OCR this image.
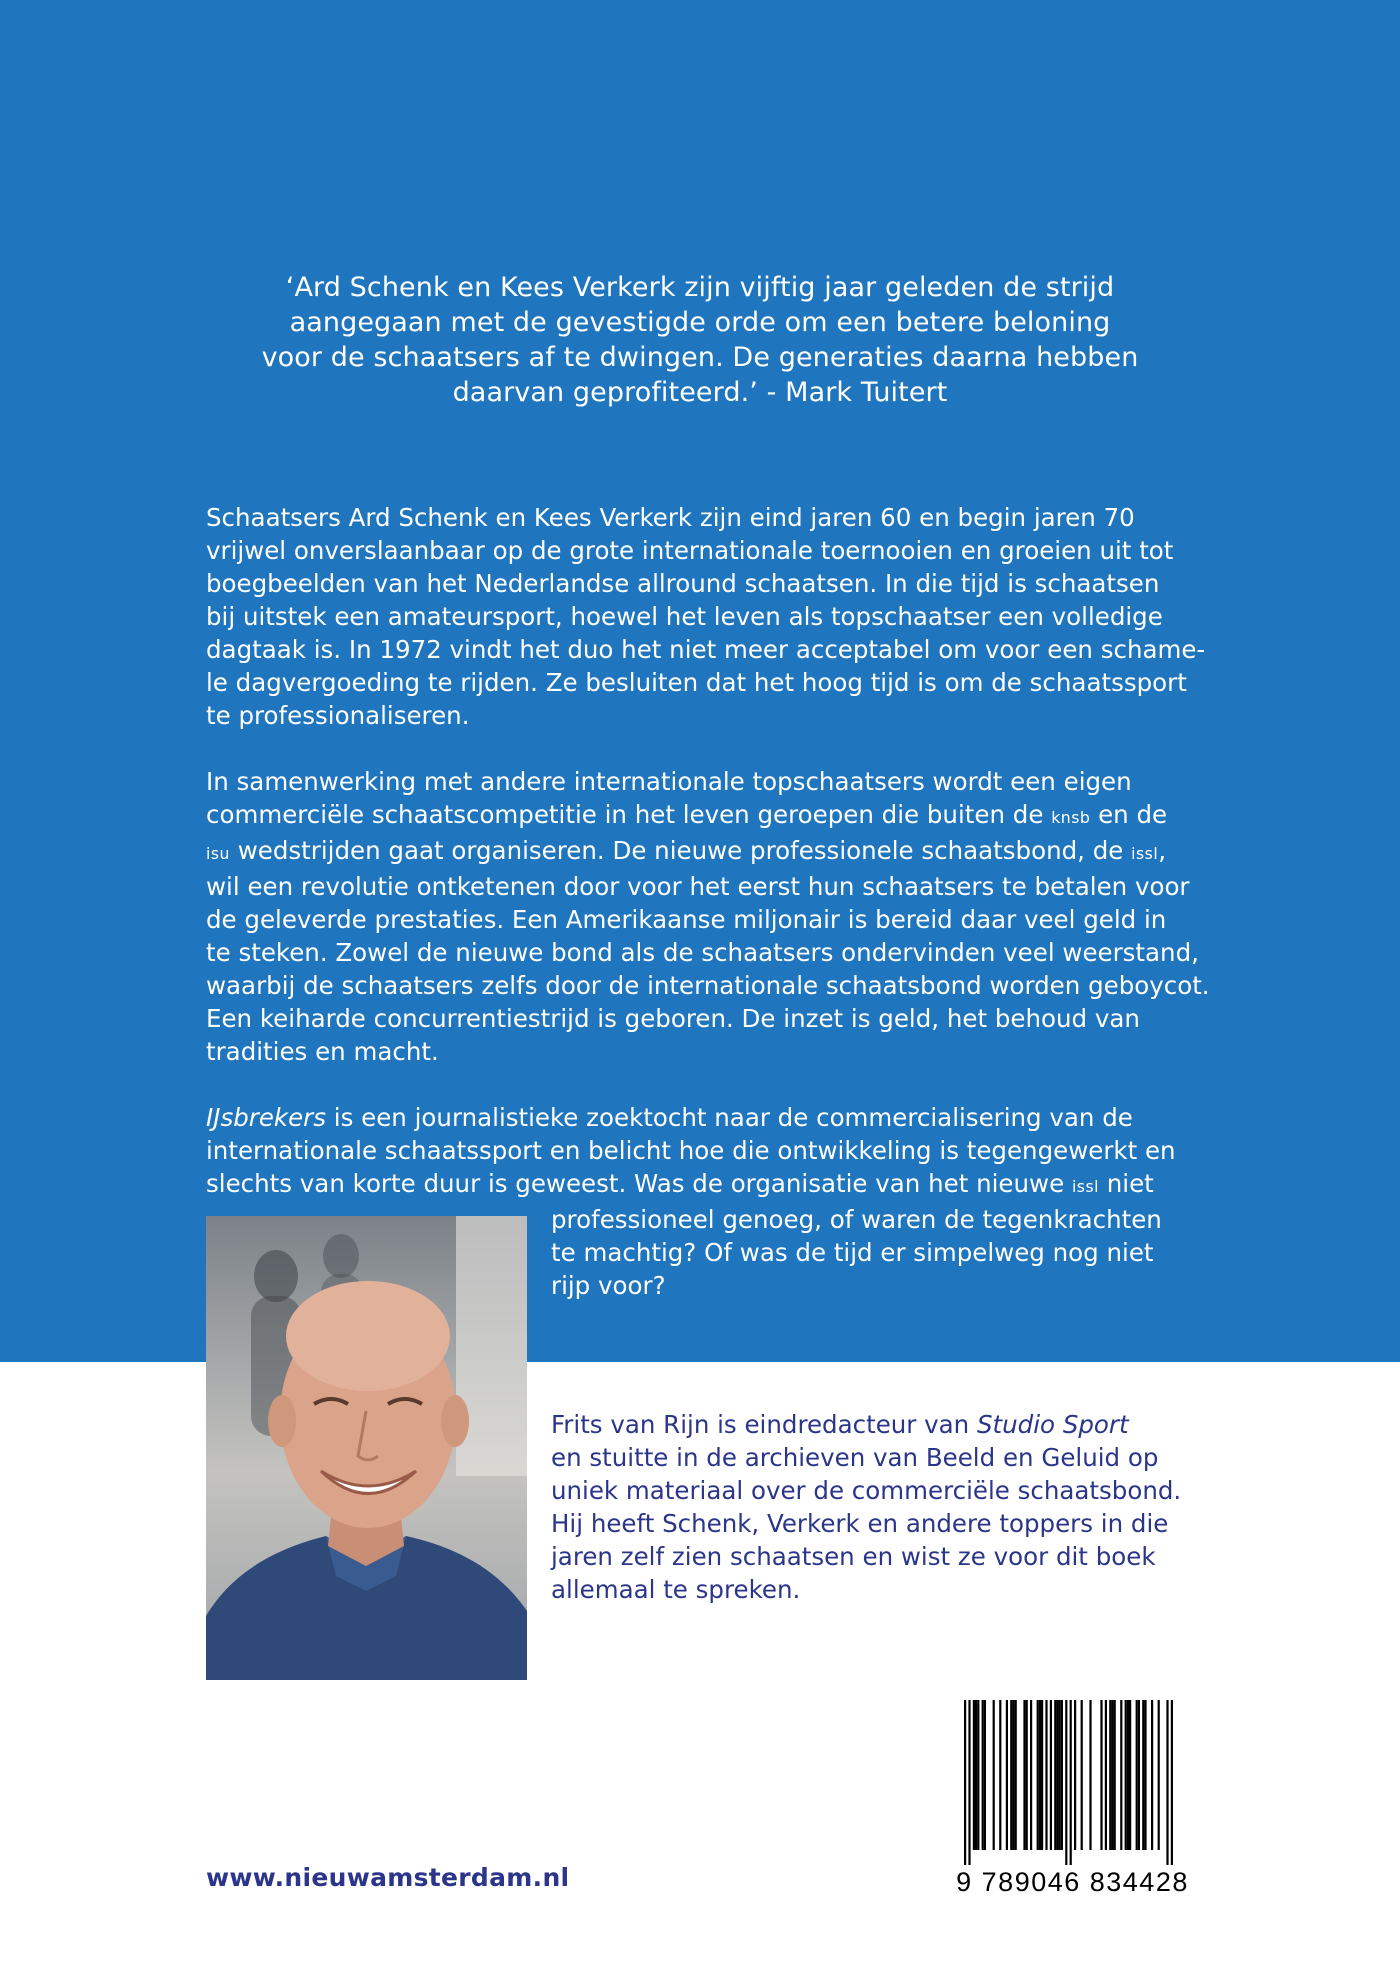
‘Ard Schenk en Kees Verkerk zijn vijftig jaar geleden de strijd
aangegaan met de gevestigde orde om een betere beloning
voor de schaatsers af te dwingen. De generaties daarna hebben
daarvan geprofiteerd.’ - Mark Tuitert
Schaatsers Ard Schenk en Kees Verkerk zijn eind jaren 60 en begin jaren 70
vrijwel onverslaanbaar op de grote internationale toernooien en groeien uit tot
boegbeelden van het Nederlandse allround schaatsen. In die tijd is schaatsen
bij uitstek een amateursport, hoewel het leven als topschaatser een volledige
dagtaak is. In 1972 vindt het duo het niet meer acceptabel om voor een schame-
le dagvergoeding te rijden. Ze besluiten dat het hoog tijd is om de schaatssport
te professionaliseren.
In samenwerking met andere internationale topschaatsers wordt een eigen
commerciële schaatscompetitie in het leven geroepen die buiten de knsb en de
isu wedstrijden gaat organiseren. De nieuwe professionele schaatsbond, de issl,
wil een revolutie ontketenen door voor het eerst hun schaatsers te betalen voor
de geleverde prestaties. Een Amerikaanse miljonair is bereid daar veel geld in
te steken. Zowel de nieuwe bond als de schaatsers ondervinden veel weerstand,
waarbij de schaatsers zelfs door de internationale schaatsbond worden geboycot.
Een keiharde concurrentiestrijd is geboren. De inzet is geld, het behoud van
tradities en macht.
IJsbrekers is een journalistieke zoektocht naar de commercialisering van de
internationale schaatssport en belicht hoe die ontwikkeling is tegengewerkt en
slechts van korte duur is geweest. Was de organisatie van het nieuwe issl niet
professioneel genoeg, of waren de tegenkrachten
te machtig? Of was de tijd er simpelweg nog niet
rijp voor?
Frits van Rijn is eindredacteur van Studio Sport
en stuitte in de archieven van Beeld en Geluid op
uniek materiaal over de commerciële schaatsbond.
Hij heeft Schenk, Verkerk en andere toppers in die
jaren zelf zien schaatsen en wist ze voor dit boek
allemaal te spreken.
www.nieuwamsterdam.nl	9 789046 834428
